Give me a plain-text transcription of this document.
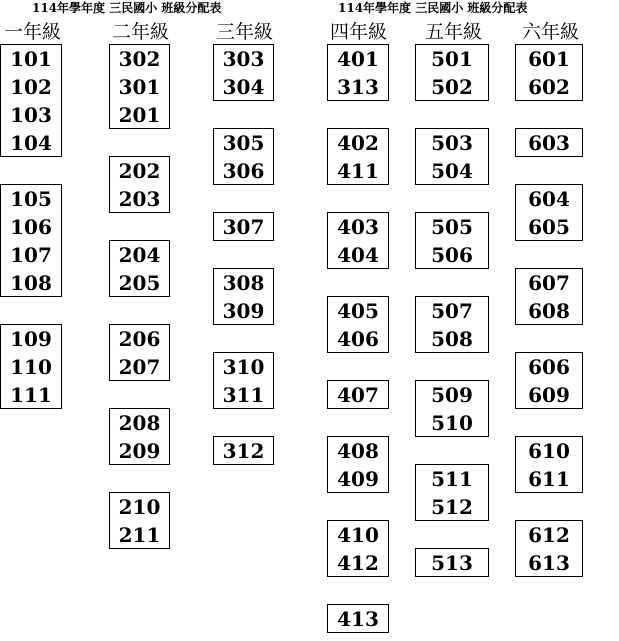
114年學年度 三民國小 班級分配表	114年學年度 三民國小 班級分配表
一年級
101
102
103
104
105
106
107
108
109
110
111
二年級
302
301
201
202
203
204
205
206
207
208
209
210
211
三年級
303
304
305
306
307
308
309
310
311
312
四年級
401
313
402
411
403
404
405
406
407
408
409
410
412
413
五年級
501
502
503
504
505
506
507
508
509
510
511
512
513
六年級
601
602
603
604
605
607
608
606
609
610
611
612
613
